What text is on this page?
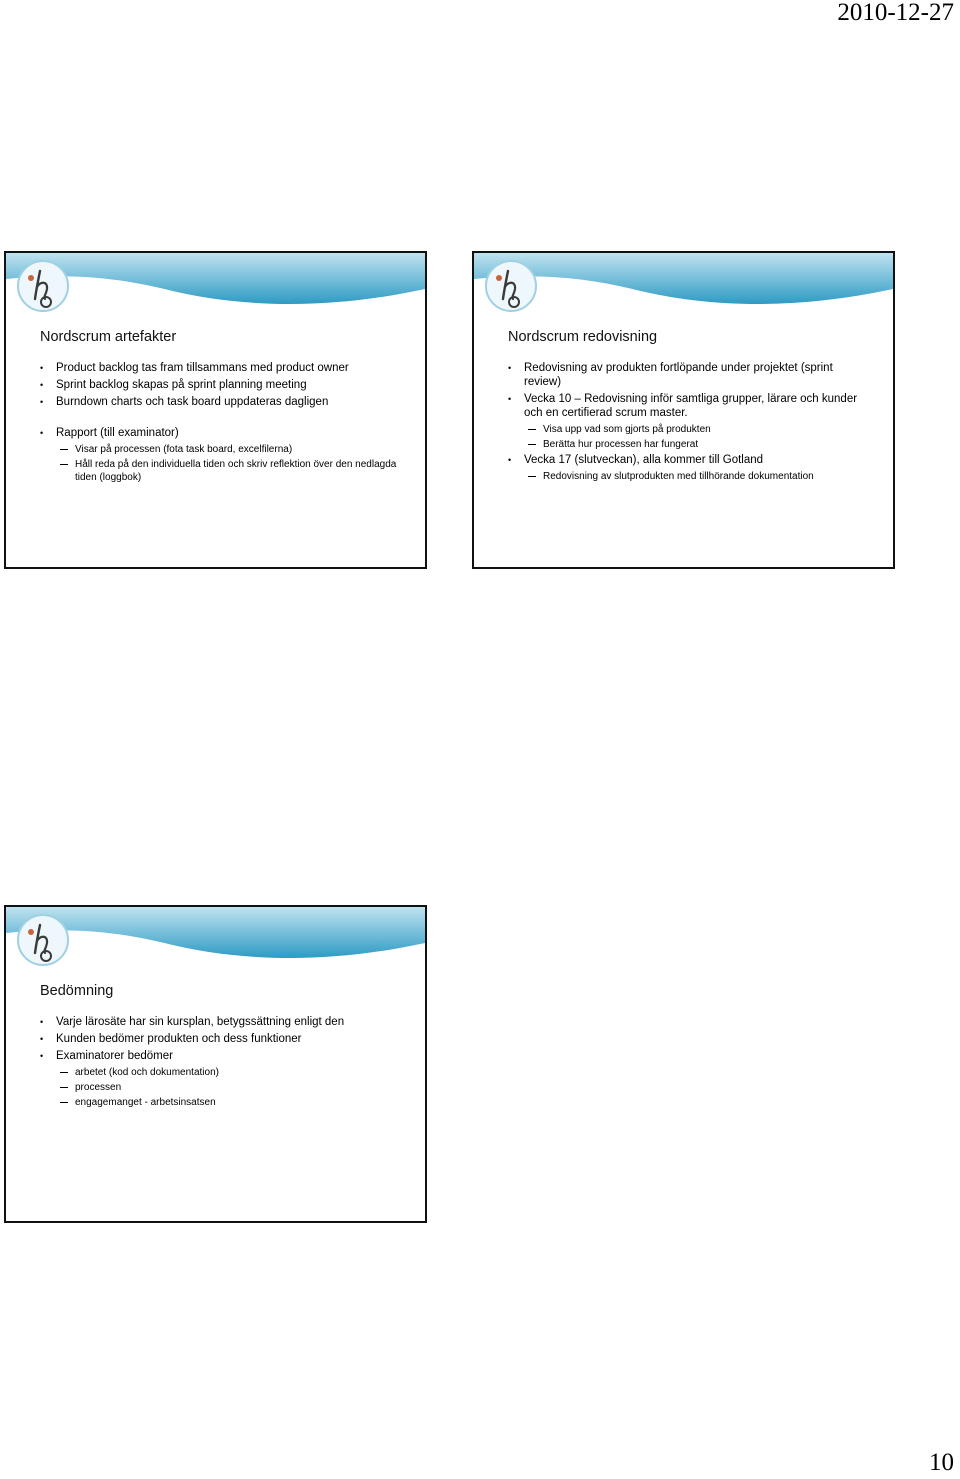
2010-12-27
Nordscrum artefakter
• Product backlog tas fram tillsammans med product owner
• Sprint backlog skapas på sprint planning meeting
• Burndown charts och task board uppdateras dagligen
• Rapport (till examinator)
Visar på processen (fota task board, excelfilerna)
Håll reda på den individuella tiden och skriv reflektion över den nedlagda tiden (loggbok)
Nordscrum redovisning
• Redovisning av produkten fortlöpande under projektet (sprint review)
• Vecka 10 – Redovisning inför samtliga grupper, lärare och kunder och en certifierad scrum master.
Visa upp vad som gjorts på produkten
Berätta hur processen har fungerat
• Vecka 17 (slutveckan), alla kommer till Gotland
Redovisning av slutprodukten med tillhörande dokumentation
Bedömning
• Varje lärosäte har sin kursplan, betygssättning enligt den
• Kunden bedömer produkten och dess funktioner
• Examinatorer bedömer
arbetet (kod och dokumentation)
processen
engagemanget - arbetsinsatsen
10
